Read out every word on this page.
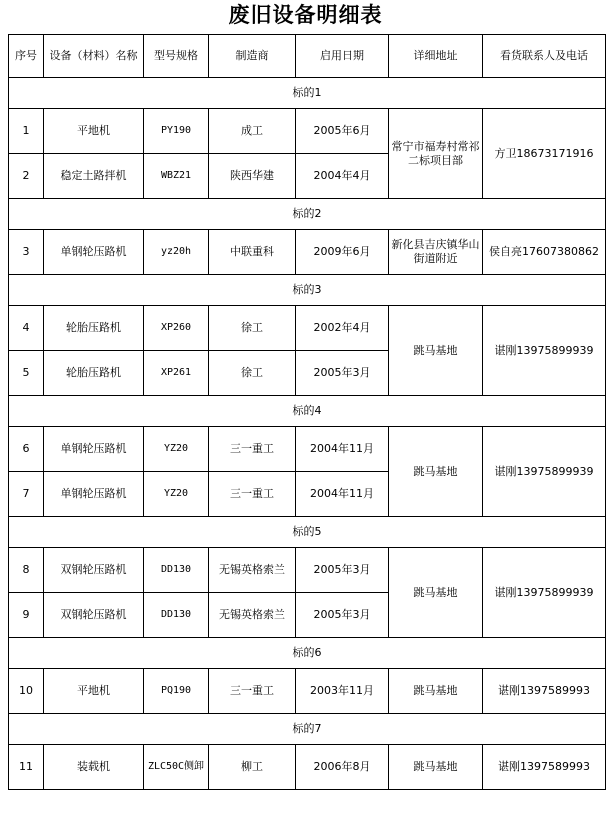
废旧设备明细表
序号	设备（材料）名称	型号规格	制造商	启用日期	详细地址	看货联系人及电话
标的1						
1	平地机	PY190	成工	2005年6月	常宁市福寿村常祁二标项目部	方卫18673171916
2	稳定土路拌机	WBZ21	陕西华建	2004年4月		
标的2						
3	单钢轮压路机	yz20h	中联重科	2009年6月	新化县吉庆镇华山街道附近	侯自亮17607380862
标的3						
4	轮胎压路机	XP260	徐工	2002年4月	跳马基地	谌刚13975899939
5	轮胎压路机	XP261	徐工	2005年3月		
标的4						
6	单钢轮压路机	YZ20	三一重工	2004年11月	跳马基地	谌刚13975899939
7	单钢轮压路机	YZ20	三一重工	2004年11月		
标的5						
8	双钢轮压路机	DD130	无锡英格索兰	2005年3月	跳马基地	谌刚13975899939
9	双钢轮压路机	DD130	无锡英格索兰	2005年3月		
标的6						
10	平地机	PQ190	三一重工	2003年11月	跳马基地	谌刚1397589993
标的7						
11	装载机	ZLC50C侧卸	柳工	2006年8月	跳马基地	谌刚1397589993
